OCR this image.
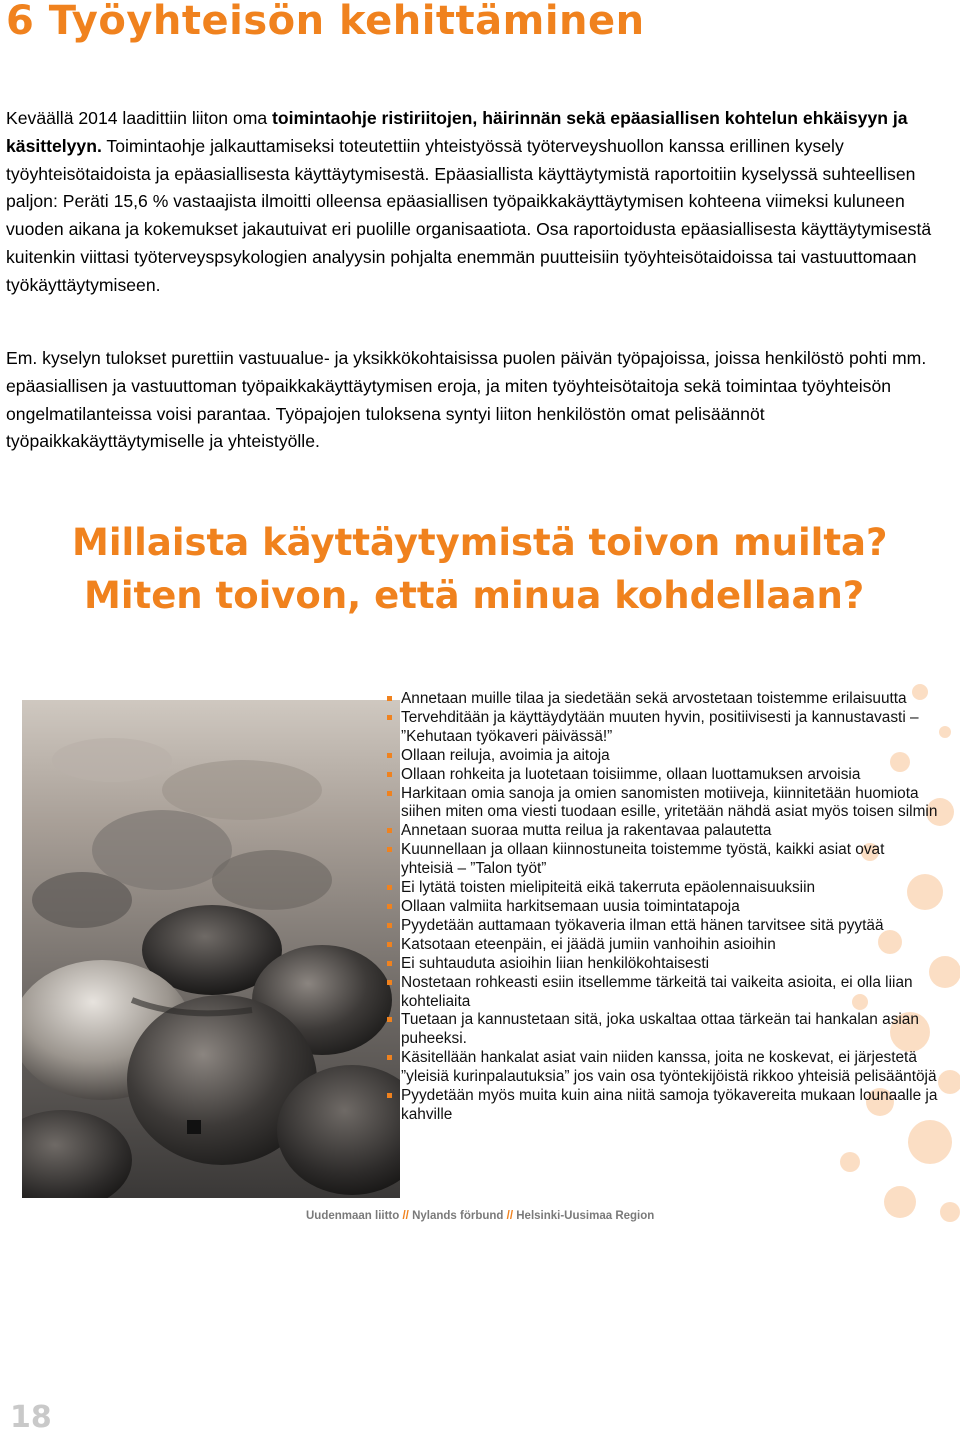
6 Työyhteisön kehittäminen

Keväällä 2014 laadittiin liiton oma toimintaohje ristiriitojen, häirinnän sekä epäasiallisen kohtelun ehkäisyyn ja käsittelyyn. Toimintaohje jalkauttamiseksi toteutettiin yhteistyössä työterveyshuollon kanssa erillinen kysely työyhteisötaidoista ja epäasiallisesta käyttäytymisestä. Epäasiallista käyttäytymistä raportoitiin kyselyssä suhteellisen paljon: Peräti 15,6 % vastaajista ilmoitti olleensa epäasiallisen työpaikkakäyttäytymisen kohteena viimeksi kuluneen vuoden aikana ja kokemukset jakautuivat eri puolille organisaatiota. Osa raportoidusta epäasiallisesta käyttäytymisestä kuitenkin viittasi työterveyspsykologien analyysin pohjalta enemmän puutteisiin työyhteisötaidoissa tai vastuuttomaan työkäyttäytymiseen.

Em. kyselyn tulokset purettiin vastuualue- ja yksikkökohtaisissa puolen päivän työpajoissa, joissa henkilöstö pohti mm. epäasiallisen ja vastuuttoman työpaikkakäyttäytymisen eroja, ja miten työyhteisötaitoja sekä toimintaa työyhteisön ongelmatilanteissa voisi parantaa. Työpajojen tuloksena syntyi liiton henkilöstön omat pelisäännöt työpaikkakäyttäytymiselle ja yhteistyölle.

Millaista käyttäytymistä toivon muilta?
Miten toivon, että minua kohdellaan?
Annetaan muille tilaa ja siedetään sekä arvostetaan toistemme erilaisuutta
Tervehditään ja käyttäydytään muuten hyvin, positiivisesti ja kannustavasti – ”Kehutaan työkaveri päivässä!”
Ollaan reiluja, avoimia ja aitoja
Ollaan rohkeita ja luotetaan toisiimme, ollaan luottamuksen arvoisia
Harkitaan omia sanoja ja omien sanomisten motiiveja, kiinnitetään huomiota siihen miten oma viesti tuodaan esille, yritetään nähdä asiat myös toisen silmin
Annetaan suoraa mutta reilua ja rakentavaa palautetta
Kuunnellaan ja ollaan kiinnostuneita toistemme työstä, kaikki asiat ovat yhteisiä – ”Talon työt”
Ei lytätä toisten mielipiteitä eikä takerruta epäolennaisuuksiin
Ollaan valmiita harkitsemaan uusia toimintatapoja
Pyydetään auttamaan työkaveria ilman että hänen tarvitsee sitä pyytää
Katsotaan eteenpäin, ei jäädä jumiin vanhoihin asioihin
Ei suhtauduta asioihin liian henkilökohtaisesti
Nostetaan rohkeasti esiin itsellemme tärkeitä tai vaikeita asioita, ei olla liian kohteliaita
Tuetaan ja kannustetaan sitä, joka uskaltaa ottaa tärkeän tai hankalan asian puheeksi.
Käsitellään hankalat asiat vain niiden kanssa, joita ne koskevat, ei järjestetä ”yleisiä kurinpalautuksia” jos vain osa työntekijöistä rikkoo yhteisiä pelisääntöjä
Pyydetään myös muita kuin aina niitä samoja työkavereita mukaan lounaalle ja kahville
Uudenmaan liitto // Nylands förbund // Helsinki-Uusimaa Region
18
